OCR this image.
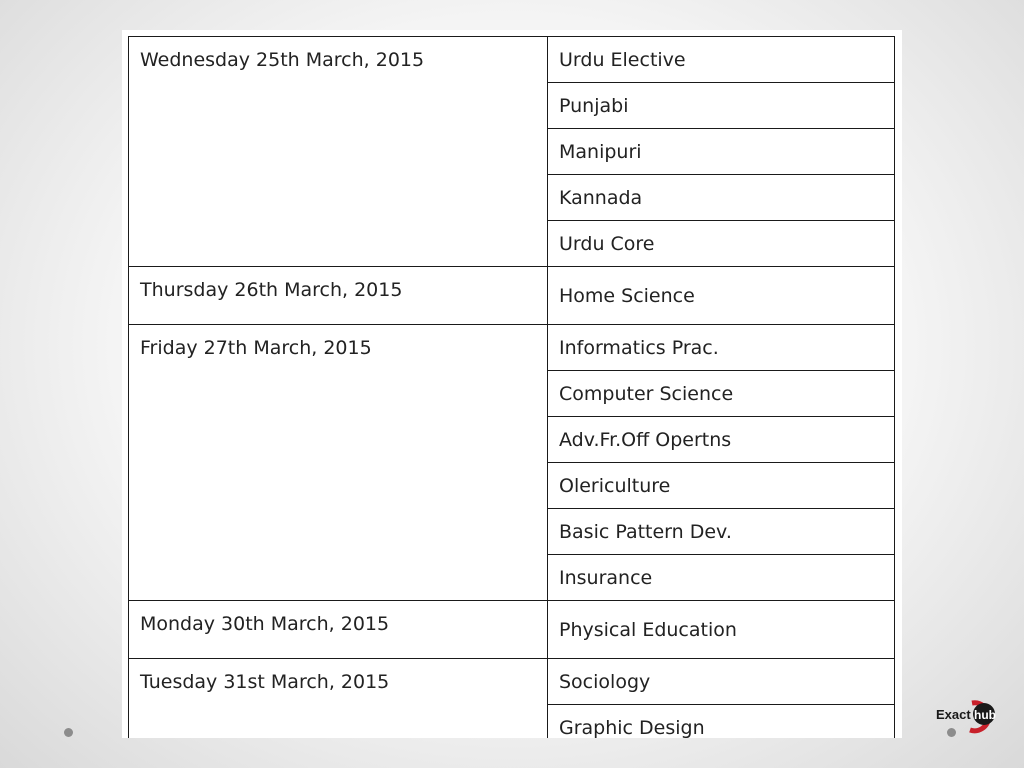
Wednesday 25th March, 2015	Urdu Elective
	Punjabi
	Manipuri
	Kannada
	Urdu Core
Thursday 26th March, 2015	Home Science
Friday 27th March, 2015	Informatics Prac.
	Computer Science
	Adv.Fr.Off Opertns
	Olericulture
	Basic Pattern Dev.
	Insurance
Monday 30th March, 2015	Physical Education
Tuesday 31st March, 2015	Sociology
	Graphic Design
Exact hub
